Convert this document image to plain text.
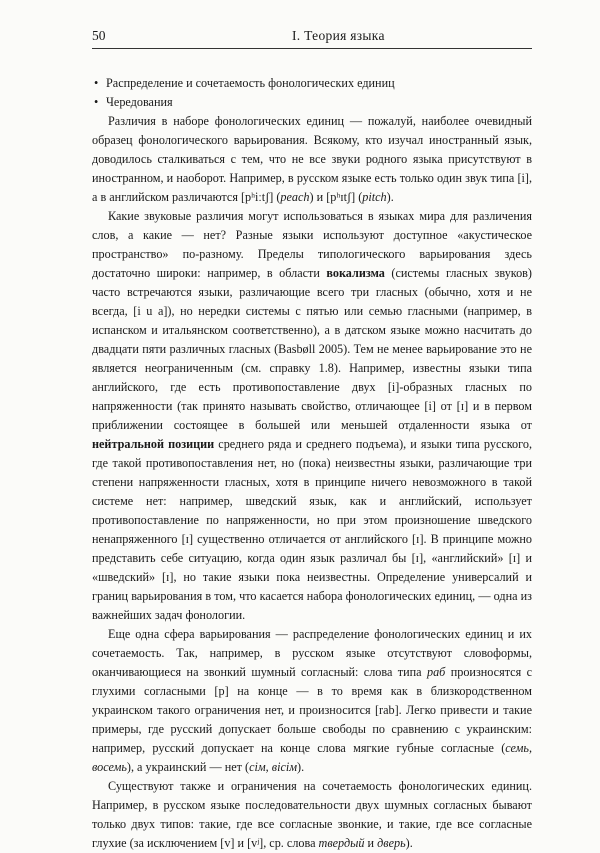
50	I. Теория языка
• Распределение и сочетаемость фонологических единиц
• Чередования

Различия в наборе фонологических единиц — пожалуй, наиболее очевидный образец фонологического варьирования. Всякому, кто изучал иностранный язык, доводилось сталкиваться с тем, что не все звуки родного языка присутствуют в иностранном, и наоборот. Например, в русском языке есть только один звук типа [i], а в английском различаются [pʰiːtʃ] (peach) и [pʰɪtʃ] (pitch).

Какие звуковые различия могут использоваться в языках мира для различения слов, а какие — нет? Разные языки используют доступное «акустическое пространство» по-разному. Пределы типологического варьирования здесь достаточно широки: например, в области вокализма (системы гласных звуков) часто встречаются языки, различающие всего три гласных (обычно, хотя и не всегда, [i u a]), но нередки системы с пятью или семью гласными (например, в испанском и итальянском соответственно), а в датском языке можно насчитать до двадцати пяти различных гласных (Basbøll 2005). Тем не менее варьирование это не является неограниченным (см. справку 1.8). Например, известны языки типа английского, где есть противопоставление двух [i]-образных гласных по напряженности (так принято называть свойство, отличающее [i] от [ɪ] и в первом приближении состоящее в большей или меньшей отдаленности языка от нейтральной позиции среднего ряда и среднего подъема), и языки типа русского, где такой противопоставления нет, но (пока) неизвестны языки, различающие три степени напряженности гласных, хотя в принципе ничего невозможного в такой системе нет: например, шведский язык, как и английский, использует противопоставление по напряженности, но при этом произношение шведского ненапряженного [ɪ] существенно отличается от английского [ɪ]. В принципе можно представить себе ситуацию, когда один язык различал бы [ɪ], «английский» [ɪ] и «шведский» [ɪ], но такие языки пока неизвестны. Определение универсалий и границ варьирования в том, что касается набора фонологических единиц, — одна из важнейших задач фонологии.

Еще одна сфера варьирования — распределение фонологических единиц и их сочетаемость. Так, например, в русском языке отсутствуют словоформы, оканчивающиеся на звонкий шумный согласный: слова типа раб произносятся с глухими согласными [p] на конце — в то время как в близкородственном украинском такого ограничения нет, и произносится [rab]. Легко привести и такие примеры, где русский допускает больше свободы по сравнению с украинским: например, русский допускает на конце слова мягкие губные согласные (семь, восемь), а украинский — нет (сім, вісім).

Существуют также и ограничения на сочетаемость фонологических единиц. Например, в русском языке последовательности двух шумных согласных бывают только двух типов: такие, где все согласные звонкие, и такие, где все согласные глухие (за исключением [v] и [vʲ], ср. слова твердый и дверь).
